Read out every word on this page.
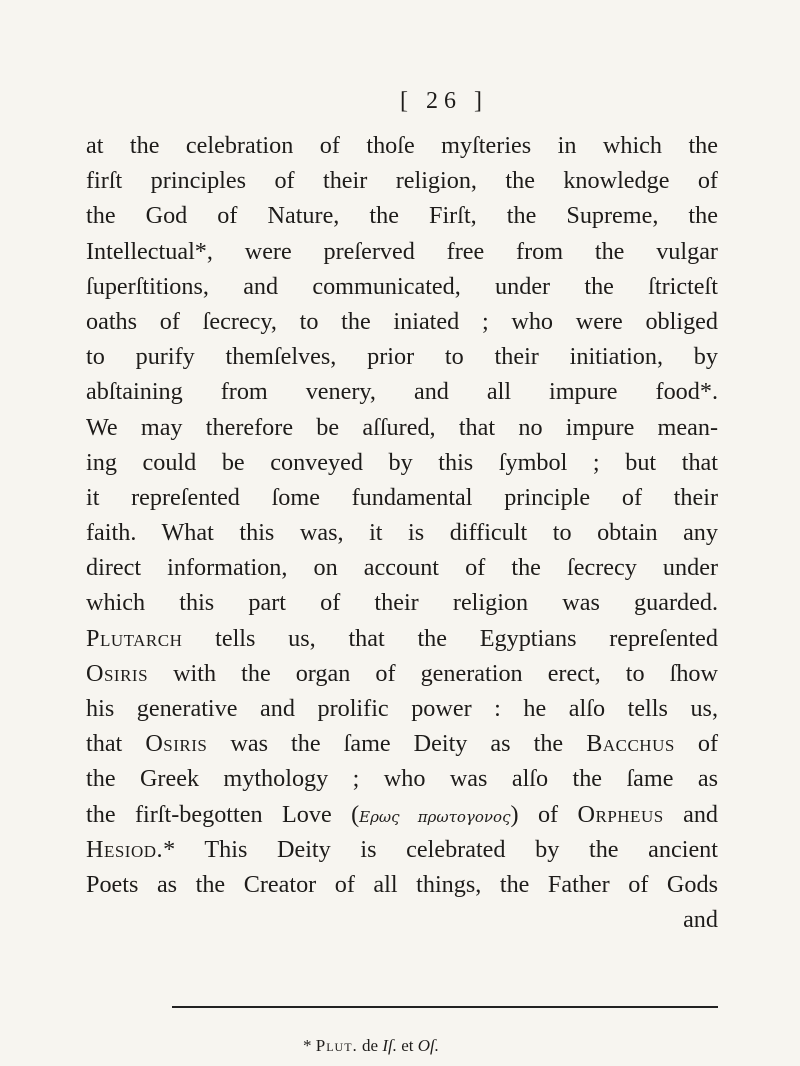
[ 26 ]
at the celebration of thoſe myſteries in which the
firſt principles of their religion, the knowledge of
the God of Nature, the Firſt, the Supreme, the
Intellectual*, were preſerved free from the vulgar
ſuperſtitions, and communicated, under the ſtricteſt
oaths of ſecrecy, to the iniated ; who were obliged
to purify themſelves, prior to their initiation, by
abſtaining from venery, and all impure food*.
We may therefore be aſſured, that no impure mean-
ing could be conveyed by this ſymbol ; but that
it repreſented ſome fundamental principle of their
faith. What this was, it is difficult to obtain any
direct information, on account of the ſecrecy under
which this part of their religion was guarded.
Plutarch tells us, that the Egyptians repreſented
Osiris with the organ of generation erect, to ſhow
his generative and prolific power : he alſo tells us,
that Osiris was the ſame Deity as the Bacchus of
the Greek mythology ; who was alſo the ſame as
the firſt-begotten Love (Ερως πρωτογονος) of Orpheus and
Hesiod.* This Deity is celebrated by the ancient
Poets as the Creator of all things, the Father of Gods
and
* Plut. de Iſ. et Oſ.
